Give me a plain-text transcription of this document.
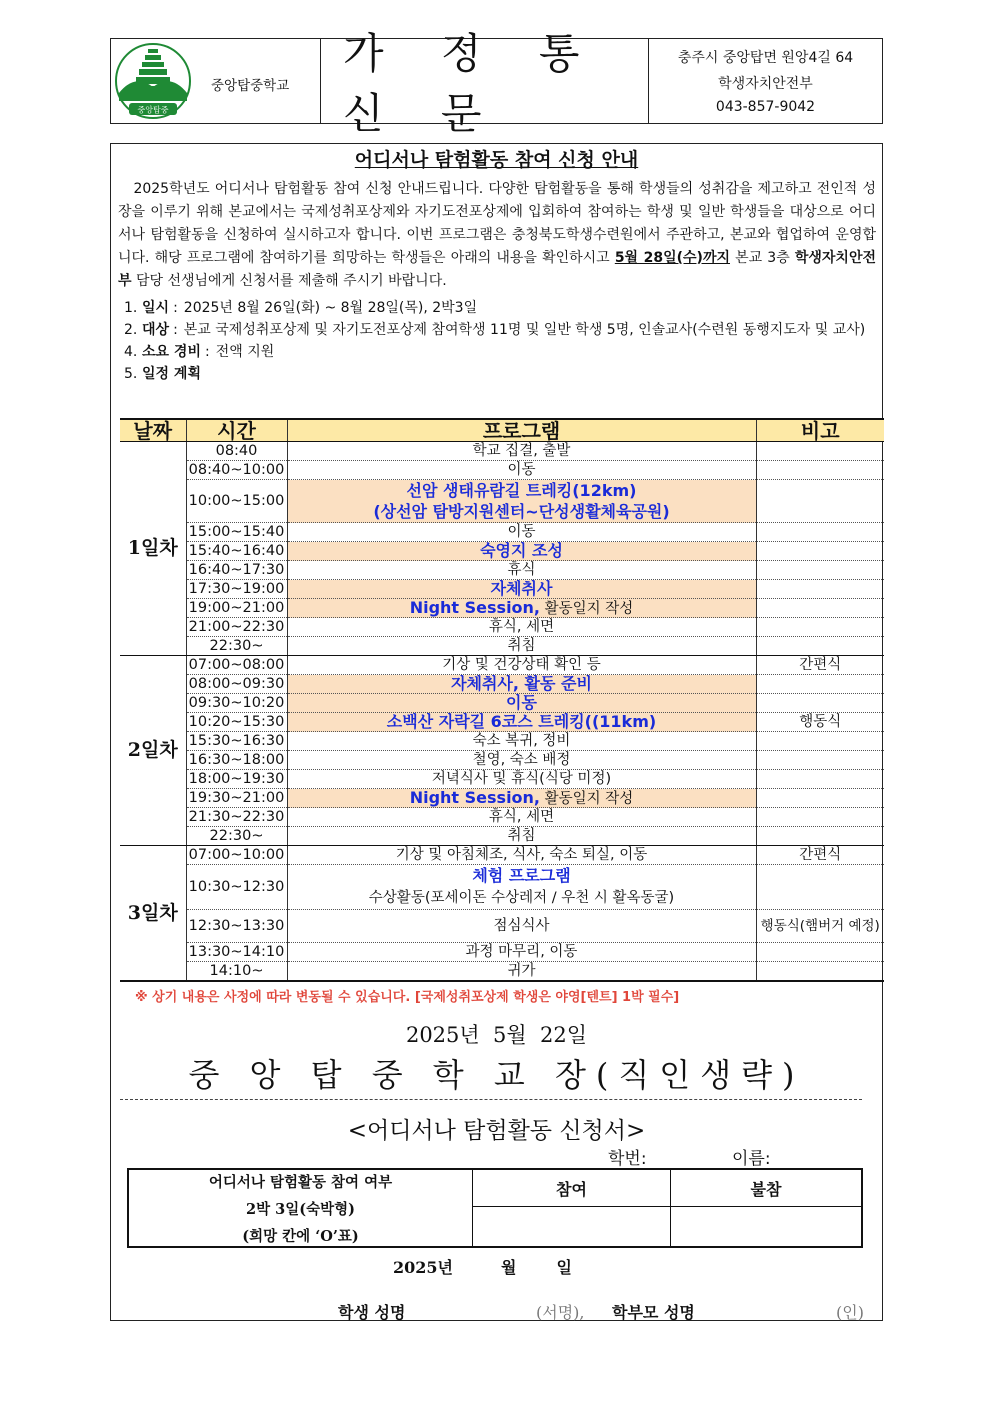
중앙탑중
중앙탑중학교
가 정 통 신 문
충주시 중앙탑면 원앙4길 64
학생자치안전부
043-857-9042
어디서나 탐험활동 참여 신청 안내
2025학년도 어디서나 탐험활동 참여 신청 안내드립니다. 다양한 탐험활동을 통해 학생들의 성취감을 제고하고 전인적 성장을 이루기 위해 본교에서는 국제성취포상제와 자기도전포상제에 입회하여 참여하는 학생 및 일반 학생들을 대상으로 어디서나 탐험활동을 신청하여 실시하고자 합니다. 이번 프로그램은 충청북도학생수련원에서 주관하고, 본교와 협업하여 운영합니다. 해당 프로그램에 참여하기를 희망하는 학생들은 아래의 내용을 확인하시고 5월 28일(수)까지 본교 3층 학생자치안전부 담당 선생님에게 신청서를 제출해 주시기 바랍니다.
1. 일시 : 2025년 8월 26일(화) ~ 8월 28일(목), 2박3일
2. 대상 : 본교 국제성취포상제 및 자기도전포상제 참여학생 11명 및 일반 학생 5명, 인솔교사(수련원 동행지도자 및 교사)
4. 소요 경비 : 전액 지원
5. 일정 계획
날짜	시간	프로그램	비고
1일차	08:40	학교 집결, 출발	
	08:40~10:00	이동	
	10:00~15:00	선암 생태유람길 트레킹(12km)
(상선암 탐방지원센터~단성생활체육공원)	

	15:00~15:40	이동	
	15:40~16:40	숙영지 조성	
	16:40~17:30	휴식	
	17:30~19:00	자체취사	
	19:00~21:00	Night Session, 활동일지 작성	
	21:00~22:30	휴식, 세면	
	22:30~	취침	
2일차	07:00~08:00	기상 및 건강상태 확인 등	간편식
	08:00~09:30	자체취사, 활동 준비	
	09:30~10:20	이동	
	10:20~15:30	소백산 자락길 6코스 트레킹((11km)	행동식
	15:30~16:30	숙소 복귀, 정비	
	16:30~18:00	철영, 숙소 배정	
	18:00~19:30	저녁식사 및 휴식(식당 미정)	
	19:30~21:00	Night Session, 활동일지 작성	
	21:30~22:30	휴식, 세면	
	22:30~	취침	
3일차	07:00~10:00	기상 및 아침체조, 식사, 숙소 퇴실, 이동	간편식
	10:30~12:30	체험 프로그램
수상활동(포세이돈 수상레저 / 우천 시 활옥동굴)	

	12:30~13:30	점심식사	행동식(햄버거 예정)
	13:30~14:10	과정 마무리, 이동	
	14:10~	귀가	
※ 상기 내용은 사정에 따라 변동될 수 있습니다. [국제성취포상제 학생은 야영[텐트] 1박 필수]
2025년  5월  22일
중 앙 탑 중 학 교 장(직인생략)
<어디서나 탐험활동 신청서>
학번:	이름:
어디서나 탐험활동 참여 여부
2박 3일(숙박형)
(희망 칸에 ‘O’표)
참여	불참
2025년	월	일
학생 성명	(서명), 학부모 성명	(인)
